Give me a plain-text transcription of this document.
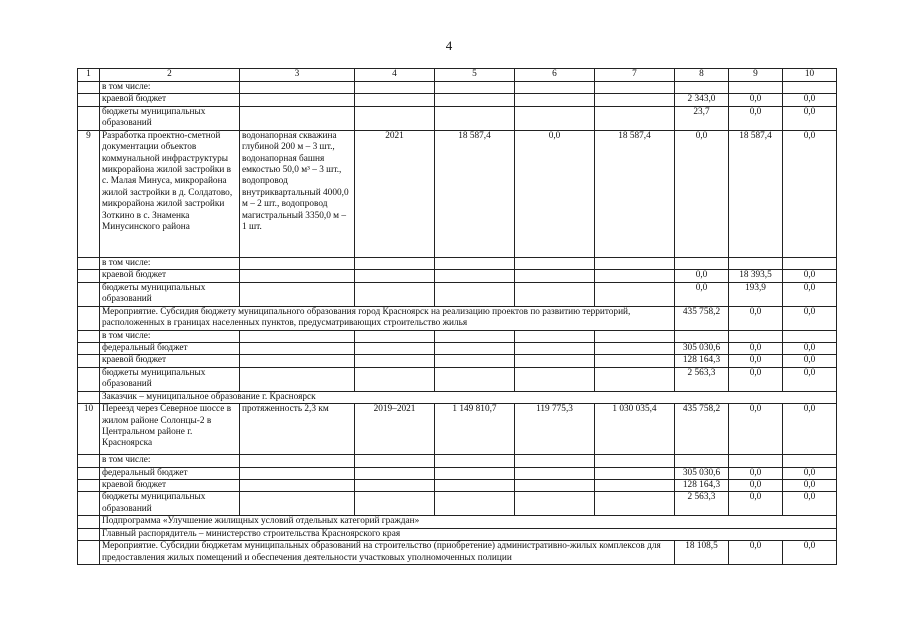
4
1	2	3	4	5	6	7	8	9	10
	в том числе:								
	краевой бюджет						2 343,0	0,0	0,0
	бюджеты муниципальных образований						23,7	0,0	0,0
9	Разработка проектно-сметной документации объектов коммунальной инфраструктуры микрорайона жилой застройки в с. Малая Минуса, микрорайона жилой застройки в д. Солдатово, микрорайона жилой застройки Зоткино в с. Знаменка Минусинского района	водонапорная скважина глубиной 200 м – 3 шт., водонапорная башня емкостью 50,0 м³ – 3 шт., водопровод внутриквартальный 4000,0 м – 2 шт., водопровод магистральный 3350,0 м – 1 шт.	2021	18 587,4	0,0	18 587,4	0,0	18 587,4	0,0
	в том числе:								
	краевой бюджет						0,0	18 393,5	0,0
	бюджеты муниципальных образований						0,0	193,9	0,0
	Мероприятие. Субсидия бюджету муниципального образования город Красноярск на реализацию проектов по развитию территорий, расположенных в границах населенных пунктов, предусматривающих строительство жилья						435 758,2	0,0	0,0
	в том числе:								
	федеральный бюджет						305 030,6	0,0	0,0
	краевой бюджет						128 164,3	0,0	0,0
	бюджеты муниципальных образований						2 563,3	0,0	0,0
	Заказчик – муниципальное образование г. Красноярск								
10	Переезд через Северное шоссе в жилом районе Солонцы-2 в Центральном районе г. Красноярска	протяженность 2,3 км	2019–2021	1 149 810,7	119 775,3	1 030 035,4	435 758,2	0,0	0,0
	в том числе:								
	федеральный бюджет						305 030,6	0,0	0,0
	краевой бюджет						128 164,3	0,0	0,0
	бюджеты муниципальных образований						2 563,3	0,0	0,0
	Подпрограмма «Улучшение жилищных условий отдельных категорий граждан»								
	Главный распорядитель – министерство строительства Красноярского края								
	Мероприятие. Субсидии бюджетам муниципальных образований на строительство (приобретение) административно-жилых комплексов для предоставления жилых помещений и обеспечения деятельности участковых уполномоченных полиции						18 108,5	0,0	0,0
